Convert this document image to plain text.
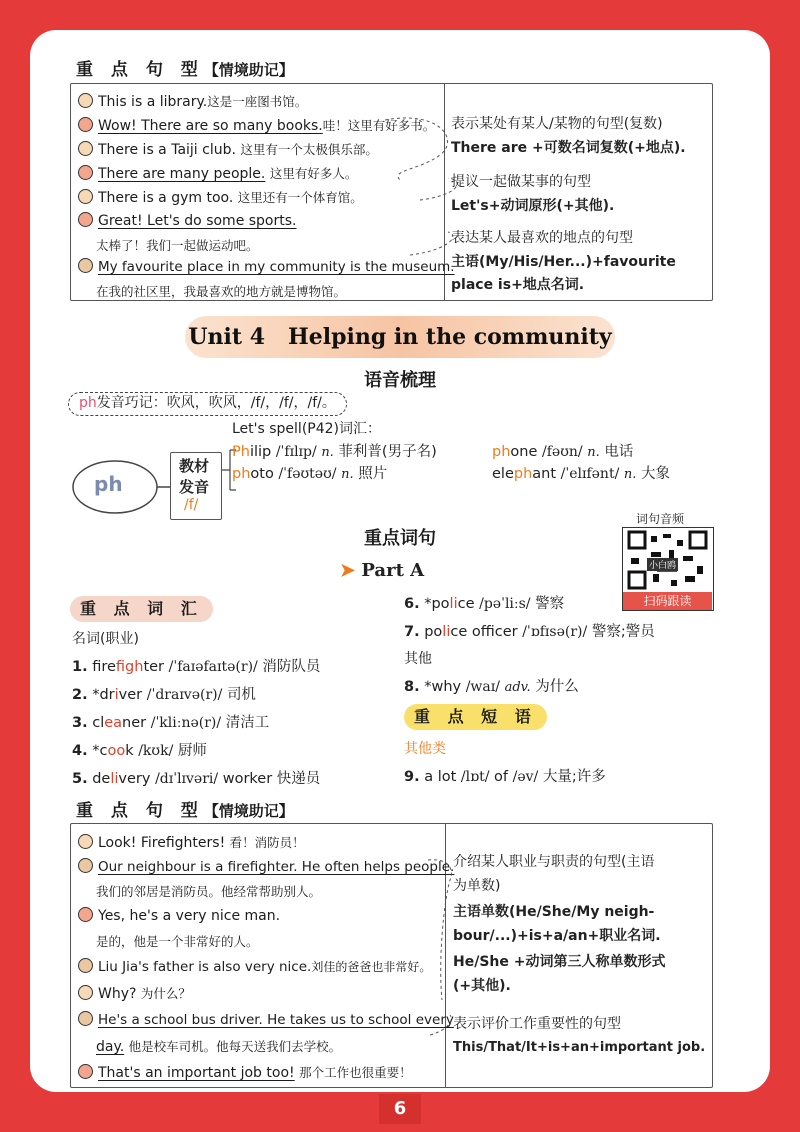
重 点 句 型【情境助记】
This is a library.这是一座图书馆。
Wow! There are so many books.哇！这里有好多书。
There is a Taiji club. 这里有一个太极俱乐部。
There are many people. 这里有好多人。
There is a gym too. 这里还有一个体育馆。
Great! Let's do some sports.
太棒了！我们一起做运动吧。
My favourite place in my community is the museum.
在我的社区里，我最喜欢的地方就是博物馆。
表示某处有某人/某物的句型(复数)
There are +可数名词复数(+地点).
提议一起做某事的句型
Let's+动词原形(+其他).
表达某人最喜欢的地点的句型
主语(My/His/Her...)+favourite
place is+地点名词.
Unit 4 Helping in the community
语音梳理
ph发音巧记：吹风，吹风，/f/，/f/，/f/。
Let's spell(P42)词汇：
ph
教材
发音
/f/
Philip /ˈfɪlɪp/ n. 菲利普(男子名)	phone /fəʊn/ n. 电话
photo /ˈfəʊtəʊ/ n. 照片	elephant /ˈelɪfənt/ n. 大象
重点词句
➤ Part A
词句音频
小白鸥
扫码跟读
重 点 词 汇
名词(职业)
1. firefighter /ˈfaɪəfaɪtə(r)/ 消防队员
2. *driver /ˈdraɪvə(r)/ 司机
3. cleaner /ˈkliːnə(r)/ 清洁工
4. *cook /kʊk/ 厨师
5. delivery /dɪˈlɪvəri/ worker 快递员
6. *police /pəˈliːs/ 警察
7. police officer /ˈɒfɪsə(r)/ 警察;警员
其他
8. *why /waɪ/ adv. 为什么
重 点 短 语
其他类
9. a lot /lɒt/ of /əv/ 大量;许多
重 点 句 型【情境助记】
Look! Firefighters! 看！消防员！
Our neighbour is a firefighter. He often helps people.
我们的邻居是消防员。他经常帮助别人。
Yes, he's a very nice man.
是的，他是一个非常好的人。
Liu Jia's father is also very nice.刘佳的爸爸也非常好。
Why? 为什么？
He's a school bus driver. He takes us to school every
day. 他是校车司机。他每天送我们去学校。
That's an important job too! 那个工作也很重要！
介绍某人职业与职责的句型(主语
为单数)
主语单数(He/She/My neigh-
bour/...)+is+a/an+职业名词.
He/She +动词第三人称单数形式
(+其他).
表示评价工作重要性的句型
This/That/It+is+an+important job.
6
